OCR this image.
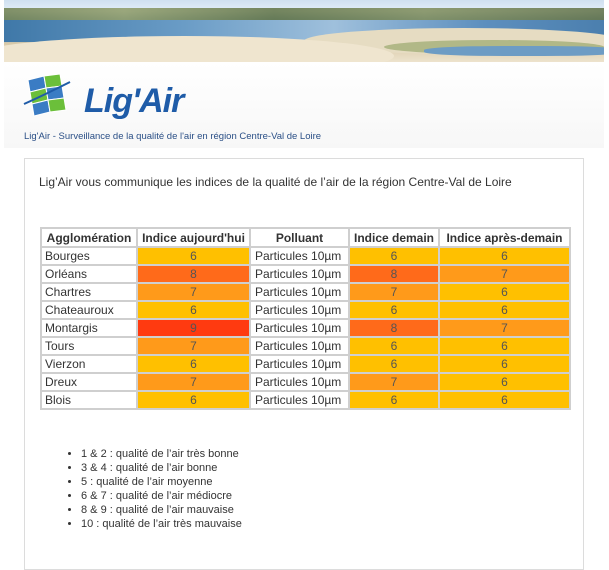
Lig'Air
Lig'Air - Surveillance de la qualité de l'air en région Centre-Val de Loire
Lig’Air vous communique les indices de la qualité de l’air de la région Centre-Val de Loire
Agglomération	Indice aujourd'hui	Polluant	Indice demain	Indice après-demain
Bourges	6	Particules 10µm	6	6
Orléans	8	Particules 10µm	8	7
Chartres	7	Particules 10µm	7	6
Chateauroux	6	Particules 10µm	6	6
Montargis	9	Particules 10µm	8	7
Tours	7	Particules 10µm	6	6
Vierzon	6	Particules 10µm	6	6
Dreux	7	Particules 10µm	7	6
Blois	6	Particules 10µm	6	6
• 1 & 2 : qualité de l’air très bonne
• 3 & 4 : qualité de l’air bonne
• 5 : qualité de l’air moyenne
• 6 & 7 : qualité de l’air médiocre
• 8 & 9 : qualité de l’air mauvaise
• 10 : qualité de l’air très mauvaise
